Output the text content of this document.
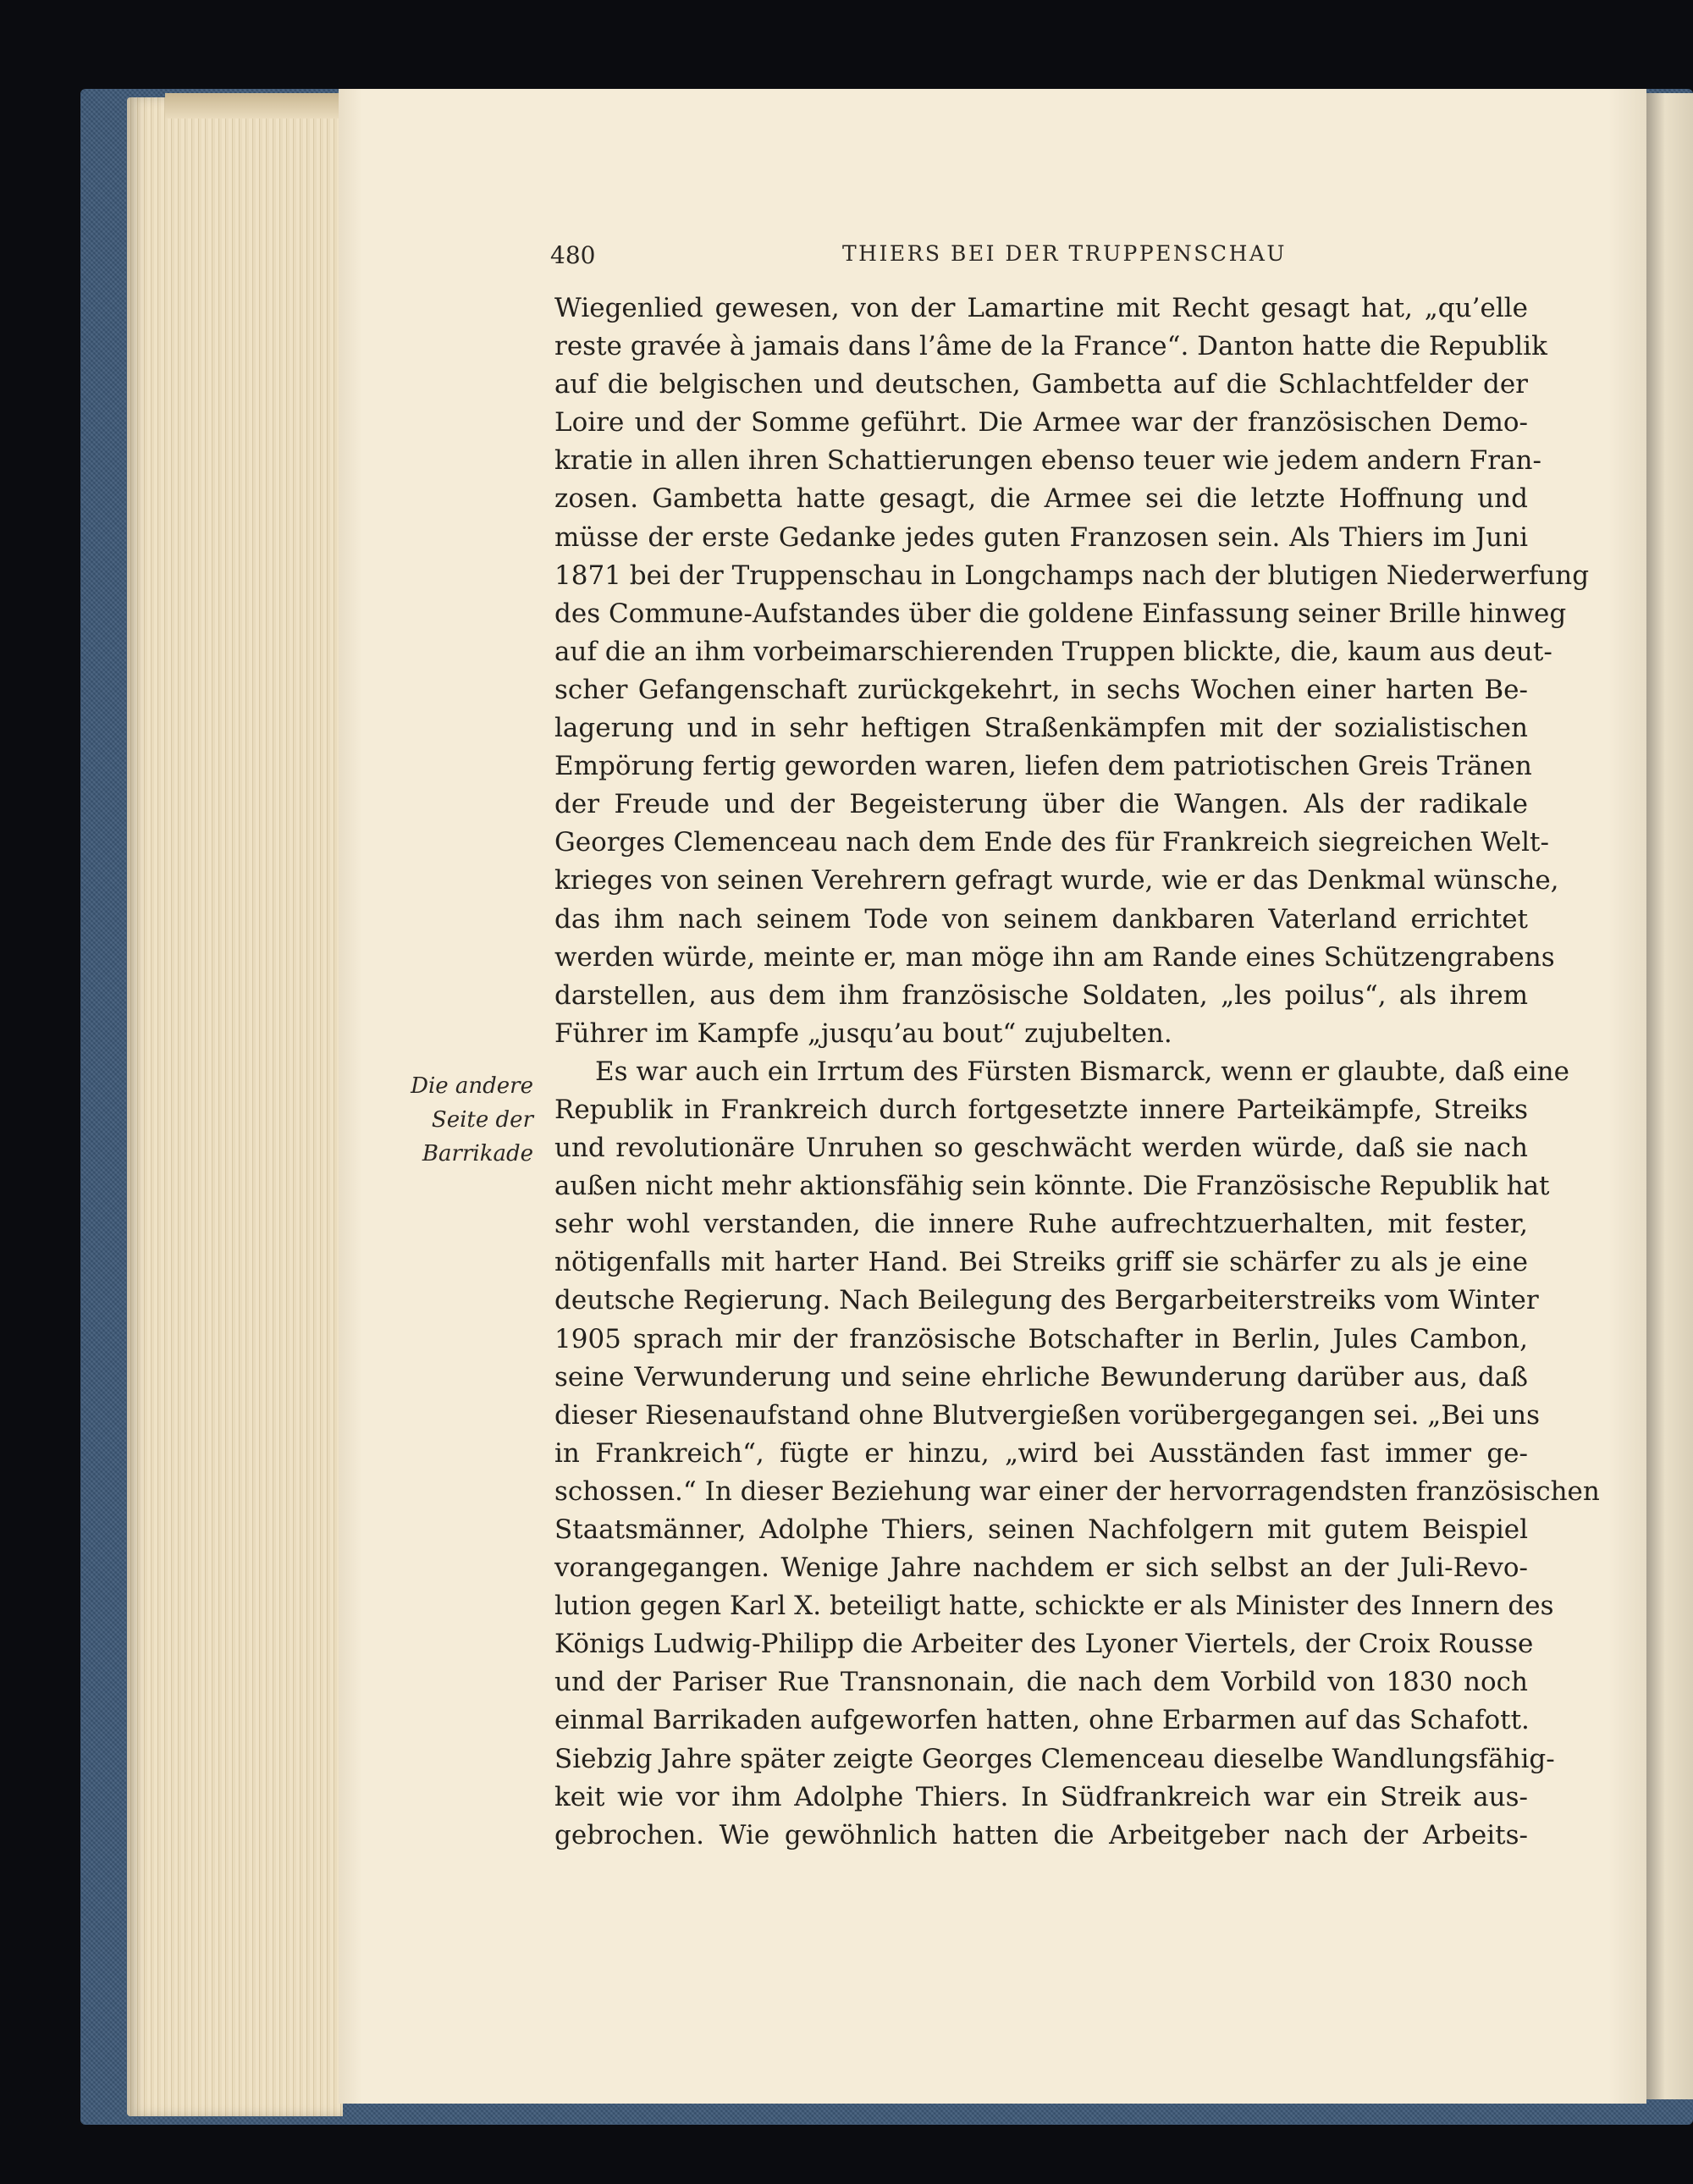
480	THIERS BEI DER TRUPPENSCHAU
Die andere
Seite der
Barrikade
Wiegenlied gewesen, von der Lamartine mit Recht gesagt hat, „qu’elle
reste gravée à jamais dans l’âme de la France“. Danton hatte die Republik
auf die belgischen und deutschen, Gambetta auf die Schlachtfelder der
Loire und der Somme geführt. Die Armee war der französischen Demo-
kratie in allen ihren Schattierungen ebenso teuer wie jedem andern Fran-
zosen. Gambetta hatte gesagt, die Armee sei die letzte Hoffnung und
müsse der erste Gedanke jedes guten Franzosen sein. Als Thiers im Juni
1871 bei der Truppenschau in Longchamps nach der blutigen Niederwerfung
des Commune-Aufstandes über die goldene Einfassung seiner Brille hinweg
auf die an ihm vorbeimarschierenden Truppen blickte, die, kaum aus deut-
scher Gefangenschaft zurückgekehrt, in sechs Wochen einer harten Be-
lagerung und in sehr heftigen Straßenkämpfen mit der sozialistischen
Empörung fertig geworden waren, liefen dem patriotischen Greis Tränen
der Freude und der Begeisterung über die Wangen. Als der radikale
Georges Clemenceau nach dem Ende des für Frankreich siegreichen Welt-
krieges von seinen Verehrern gefragt wurde, wie er das Denkmal wünsche,
das ihm nach seinem Tode von seinem dankbaren Vaterland errichtet
werden würde, meinte er, man möge ihn am Rande eines Schützengrabens
darstellen, aus dem ihm französische Soldaten, „les poilus“, als ihrem
Führer im Kampfe „jusqu’au bout“ zujubelten.
Es war auch ein Irrtum des Fürsten Bismarck, wenn er glaubte, daß eine
Republik in Frankreich durch fortgesetzte innere Parteikämpfe, Streiks
und revolutionäre Unruhen so geschwächt werden würde, daß sie nach
außen nicht mehr aktionsfähig sein könnte. Die Französische Republik hat
sehr wohl verstanden, die innere Ruhe aufrechtzuerhalten, mit fester,
nötigenfalls mit harter Hand. Bei Streiks griff sie schärfer zu als je eine
deutsche Regierung. Nach Beilegung des Bergarbeiterstreiks vom Winter
1905 sprach mir der französische Botschafter in Berlin, Jules Cambon,
seine Verwunderung und seine ehrliche Bewunderung darüber aus, daß
dieser Riesenaufstand ohne Blutvergießen vorübergegangen sei. „Bei uns
in Frankreich“, fügte er hinzu, „wird bei Ausständen fast immer ge-
schossen.“ In dieser Beziehung war einer der hervorragendsten französischen
Staatsmänner, Adolphe Thiers, seinen Nachfolgern mit gutem Beispiel
vorangegangen. Wenige Jahre nachdem er sich selbst an der Juli-Revo-
lution gegen Karl X. beteiligt hatte, schickte er als Minister des Innern des
Königs Ludwig-Philipp die Arbeiter des Lyoner Viertels, der Croix Rousse
und der Pariser Rue Transnonain, die nach dem Vorbild von 1830 noch
einmal Barrikaden aufgeworfen hatten, ohne Erbarmen auf das Schafott.
Siebzig Jahre später zeigte Georges Clemenceau dieselbe Wandlungsfähig-
keit wie vor ihm Adolphe Thiers. In Südfrankreich war ein Streik aus-
gebrochen. Wie gewöhnlich hatten die Arbeitgeber nach der Arbeits-
